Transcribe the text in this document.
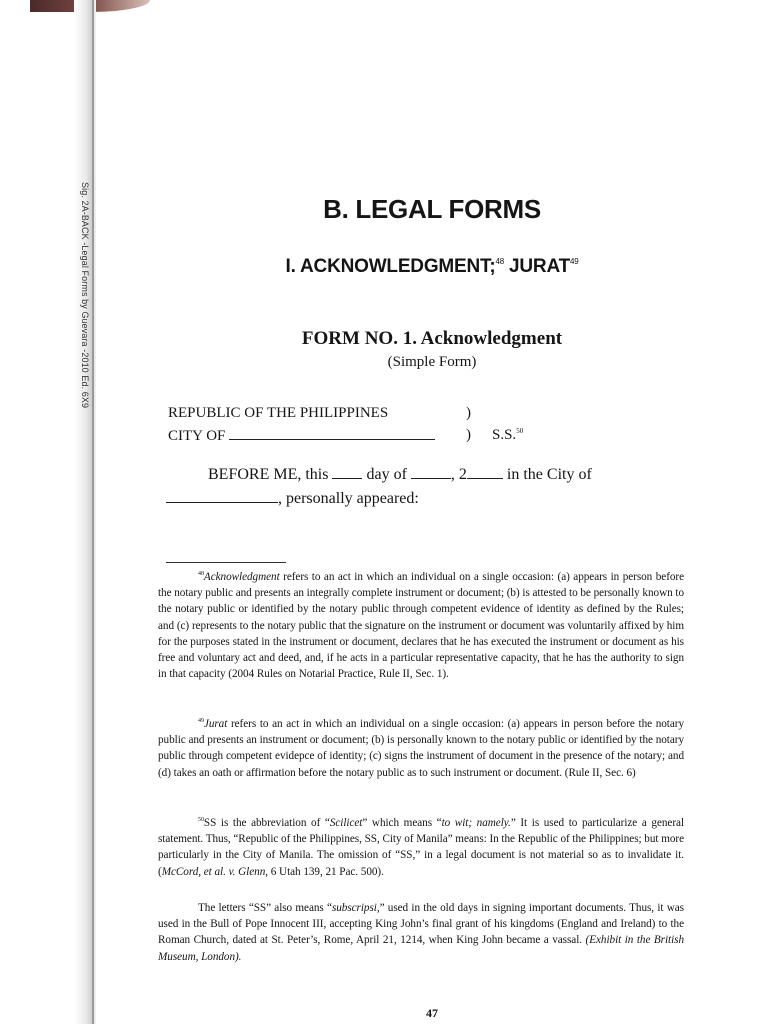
Sig. 2A-BACK -Legal Forms by Guevara -2010 Ed. 6X9	B. LEGAL FORMS
I. ACKNOWLEDGMENT;$^{48}$ JURAT$^{49}$
FORM NO. 1. Acknowledgment
(Simple Form)
REPUBLIC OF THE PHILIPPINES	)
CITY OF	) S.S.$^{50}$
BEFORE ME, this day of	, 2	in the City of
, personally appeared:

$^{48}$Acknowledgment refers to an act in which an individual on a single occasion: (a) appears in person before the notary public and presents an integrally complete instrument or document; (b) is attested to be personally known to the notary public or identified by the notary public through competent evidence of identity as defined by the Rules; and (c) represents to the notary public that the signature on the instrument or document was voluntarily affixed by him for the purposes stated in the instrument or document, declares that he has executed the instrument or document as his free and voluntary act and deed, and, if he acts in a particular representative capacity, that he has the authority to sign in that capacity (2004 Rules on Notarial Practice, Rule II, Sec. 1).

$^{49}$Jurat refers to an act in which an individual on a single occasion: (a) appears in person before the notary public and presents an instrument or document; (b) is personally known to the notary public or identified by the notary public through competent evidepce of identity; (c) signs the instrument of document in the presence of the notary; and (d) takes an oath or affirmation before the notary public as to such instrument or document. (Rule II, Sec. 6)

$^{50}$SS is the abbreviation of “Scilicet” which means “to wit; namely.” It is used to particularize a general statement. Thus, “Republic of the Philippines, SS, City of Manila” means: In the Republic of the Philippines; but more particularly in the City of Manila. The omission of “SS,” in a legal document is not material so as to invalidate it. (McCord, et al. v. Glenn, 6 Utah 139, 21 Pac. 500).

The letters “SS” also means “subscripsi,” used in the old days in signing important documents. Thus, it was used in the Bull of Pope Innocent III, accepting King John’s final grant of his kingdoms (England and Ireland) to the Roman Church, dated at St. Peter’s, Rome, April 21, 1214, when King John became a vassal. (Exhibit in the British Museum, London).

47
